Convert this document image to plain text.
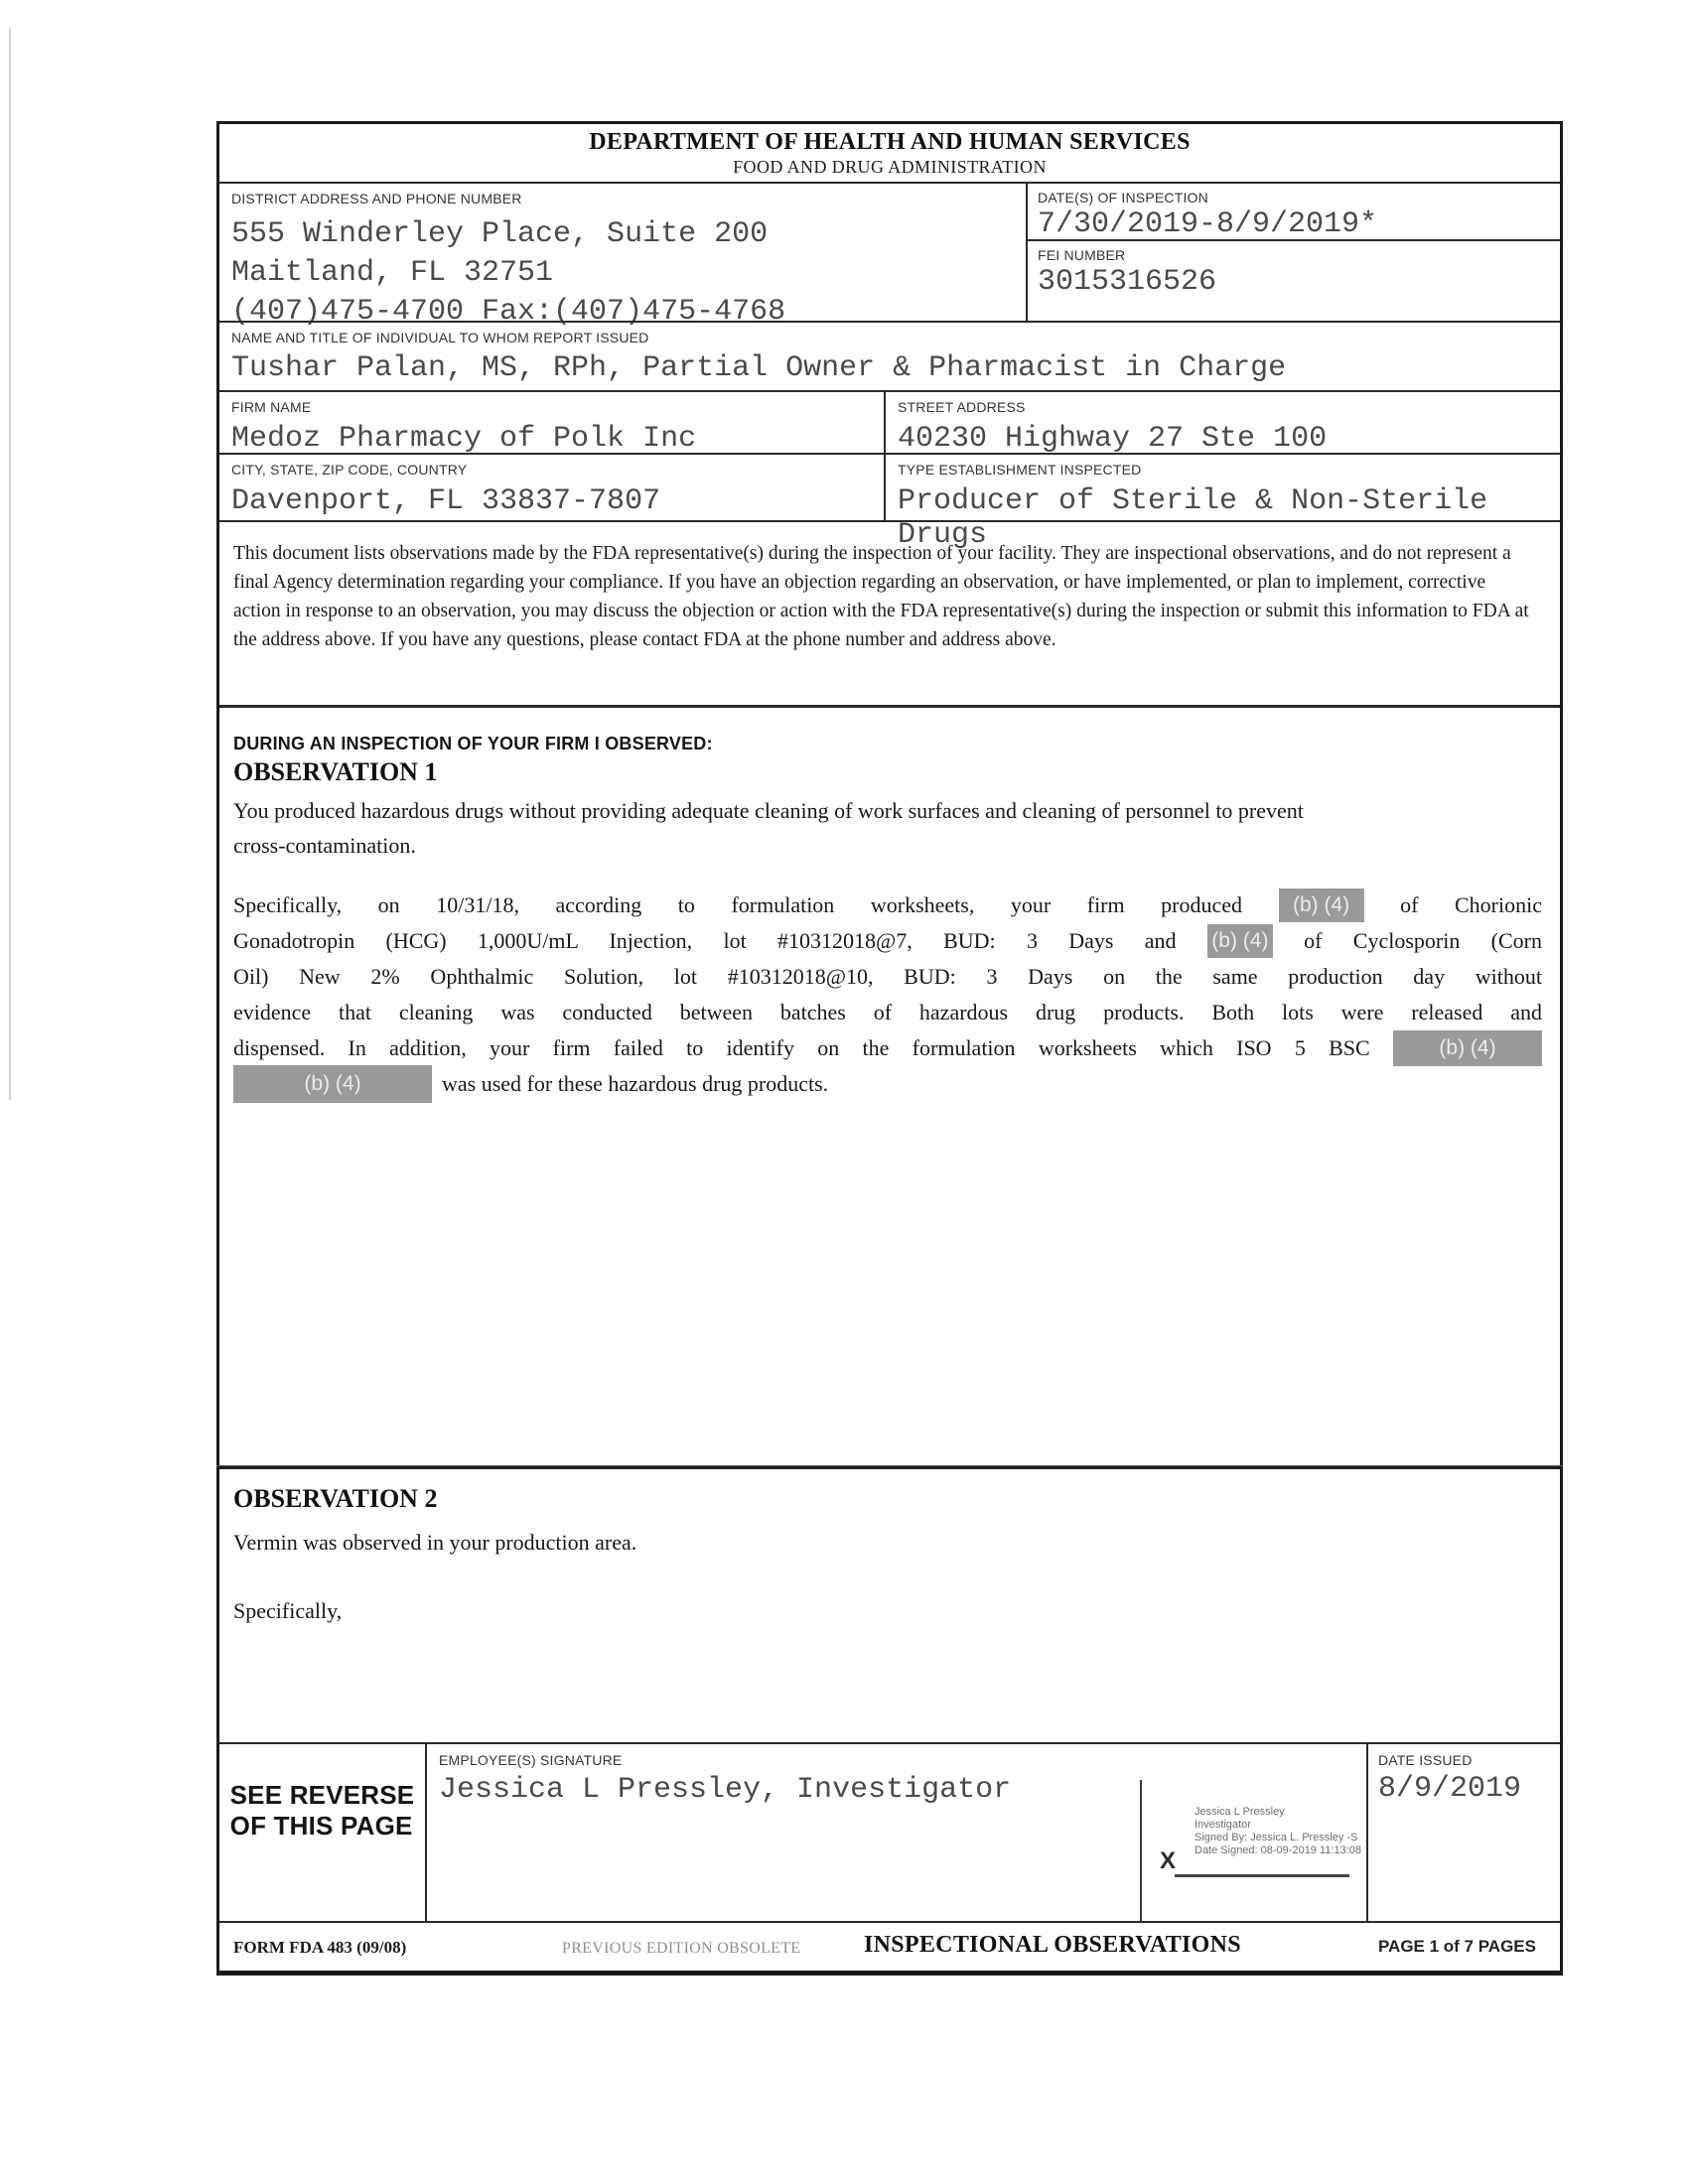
DEPARTMENT OF HEALTH AND HUMAN SERVICES
FOOD AND DRUG ADMINISTRATION
DISTRICT ADDRESS AND PHONE NUMBER
555 Winderley Place, Suite 200
Maitland, FL 32751
(407)475-4700 Fax:(407)475-4768
DATE(S) OF INSPECTION
7/30/2019-8/9/2019*
FEI NUMBER
3015316526
NAME AND TITLE OF INDIVIDUAL TO WHOM REPORT ISSUED
Tushar Palan, MS, RPh, Partial Owner & Pharmacist in Charge
FIRM NAME
Medoz Pharmacy of Polk Inc
STREET ADDRESS
40230 Highway 27 Ste 100
CITY, STATE, ZIP CODE, COUNTRY
Davenport, FL 33837-7807
TYPE ESTABLISHMENT INSPECTED
Producer of Sterile & Non-Sterile Drugs
This document lists observations made by the FDA representative(s) during the inspection of your facility. They are inspectional observations, and do not represent a final Agency determination regarding your compliance. If you have an objection regarding an observation, or have implemented, or plan to implement, corrective action in response to an observation, you may discuss the objection or action with the FDA representative(s) during the inspection or submit this information to FDA at the address above. If you have any questions, please contact FDA at the phone number and address above.
DURING AN INSPECTION OF YOUR FIRM I OBSERVED:
OBSERVATION 1
You produced hazardous drugs without providing adequate cleaning of work surfaces and cleaning of personnel to prevent cross-contamination.
Specifically, on 10/31/18, according to formulation worksheets, your firm produced (b) (4) of Chorionic
Gonadotropin (HCG) 1,000U/mL Injection, lot #10312018@7, BUD: 3 Days and (b) (4) of Cyclosporin (Corn
Oil) New 2% Ophthalmic Solution, lot #10312018@10, BUD: 3 Days on the same production day without
evidence that cleaning was conducted between batches of hazardous drug products. Both lots were released and
dispensed. In addition, your firm failed to identify on the formulation worksheets which ISO 5 BSC	(b) (4)
(b) (4)	was used for these hazardous drug products.
OBSERVATION 2
Vermin was observed in your production area.
Specifically,
SEE REVERSE
OF THIS PAGE
EMPLOYEE(S) SIGNATURE
Jessica L Pressley, Investigator
Jessica L Pressley
Investigator
Signed By: Jessica L. Pressley -S
Date Signed: 08-09-2019 11:13:08
X
DATE ISSUED
8/9/2019
FORM FDA 483 (09/08)	PREVIOUS EDITION OBSOLETE	INSPECTIONAL OBSERVATIONS	PAGE 1 of 7 PAGES
